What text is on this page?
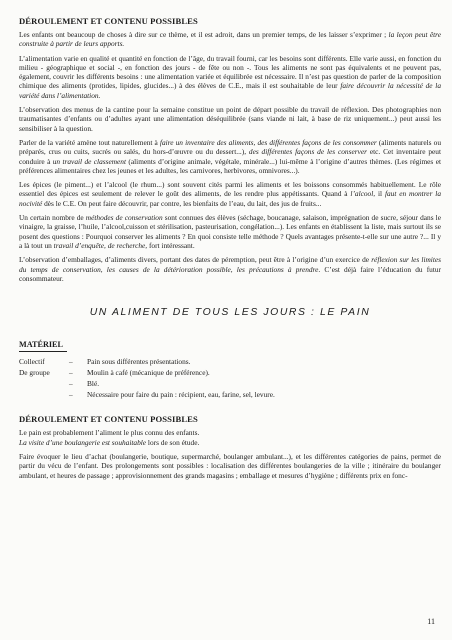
DÉROULEMENT ET CONTENU POSSIBLES

Les enfants ont beaucoup de choses à dire sur ce thème, et il est adroit, dans un premier temps, de les laisser s’exprimer ; la leçon peut être construite à partir de leurs apports.

L’alimentation varie en qualité et quantité en fonction de l’âge, du travail fourni, car les besoins sont différents. Elle varie aussi, en fonction du milieu - géographique et social -, en fonction des jours - de fête ou non -. Tous les aliments ne sont pas équivalents et ne peuvent pas, également, couvrir les différents besoins : une alimentation variée et équilibrée est nécessaire. Il n’est pas question de parler de la composition chimique des aliments (protides, lipides, glucides...) à des élèves de C.E., mais il est souhaitable de leur faire découvrir la nécessité de la variété dans l’alimentation.

L’observation des menus de la cantine pour la semaine constitue un point de départ possible du travail de réflexion. Des photographies non traumatisantes d’enfants ou d’adultes ayant une alimentation déséquilibrée (sans viande ni lait, à base de riz uniquement...) peut aussi les sensibiliser à la question.

Parler de la variété amène tout naturellement à faire un inventaire des aliments, des différentes façons de les consommer (aliments naturels ou préparés, crus ou cuits, sucrés ou salés, du hors-d’œuvre ou du dessert...), des différentes façons de les conserver etc. Cet inventaire peut conduire à un travail de classement (aliments d’origine animale, végétale, minérale...) lui-même à l’origine d’autres thèmes. (Les régimes et préférences alimentaires chez les jeunes et les adultes, les carnivores, herbivores, omnivores...).

Les épices (le piment...) et l’alcool (le rhum...) sont souvent cités parmi les aliments et les boissons consommés habituellement. Le rôle essentiel des épices est seulement de relever le goût des aliments, de les rendre plus appétissants. Quand à l’alcool, il faut en montrer la nocivité dès le C.E. On peut faire découvrir, par contre, les bienfaits de l’eau, du lait, des jus de fruits...

Un certain nombre de méthodes de conservation sont connues des élèves (séchage, boucanage, salaison, imprégnation de sucre, séjour dans le vinaigre, la graisse, l’huile, l’alcool,cuisson et stérilisation, pasteurisation, congélation...). Les enfants en établissent la liste, mais surtout ils se posent des questions : Pourquoi conserver les aliments ? En quoi consiste telle méthode ? Quels avantages présente-t-elle sur une autre ?... Il y a là tout un travail d’enquête, de recherche, fort intéressant.

L’observation d’emballages, d’aliments divers, portant des dates de péremption, peut être à l’origine d’un exercice de réflexion sur les limites du temps de conservation, les causes de la détérioration possible, les précautions à prendre. C’est déjà faire l’éducation du futur consommateur.

UN ALIMENT DE TOUS LES JOURS : LE PAIN
MATÉRIEL
Collectif	–	Pain sous différentes présentations.
De groupe	–	Moulin à café (mécanique de préférence).
–	Blé.
–	Nécessaire pour faire du pain : récipient, eau, farine, sel, levure.
DÉROULEMENT ET CONTENU POSSIBLES

Le pain est probablement l’aliment le plus connu des enfants.

La visite d’une boulangerie est souhaitable lors de son étude.

Faire évoquer le lieu d’achat (boulangerie, boutique, supermarché, boulanger ambulant...), et les différentes catégories de pains, permet de partir du vécu de l’enfant. Des prolongements sont possibles : localisation des différentes boulangeries de la ville ; itinéraire du boulanger ambulant, et heures de passage ; approvisionnement des grands magasins ; emballage et mesures d’hygiène ; différents prix en fonc-

11
